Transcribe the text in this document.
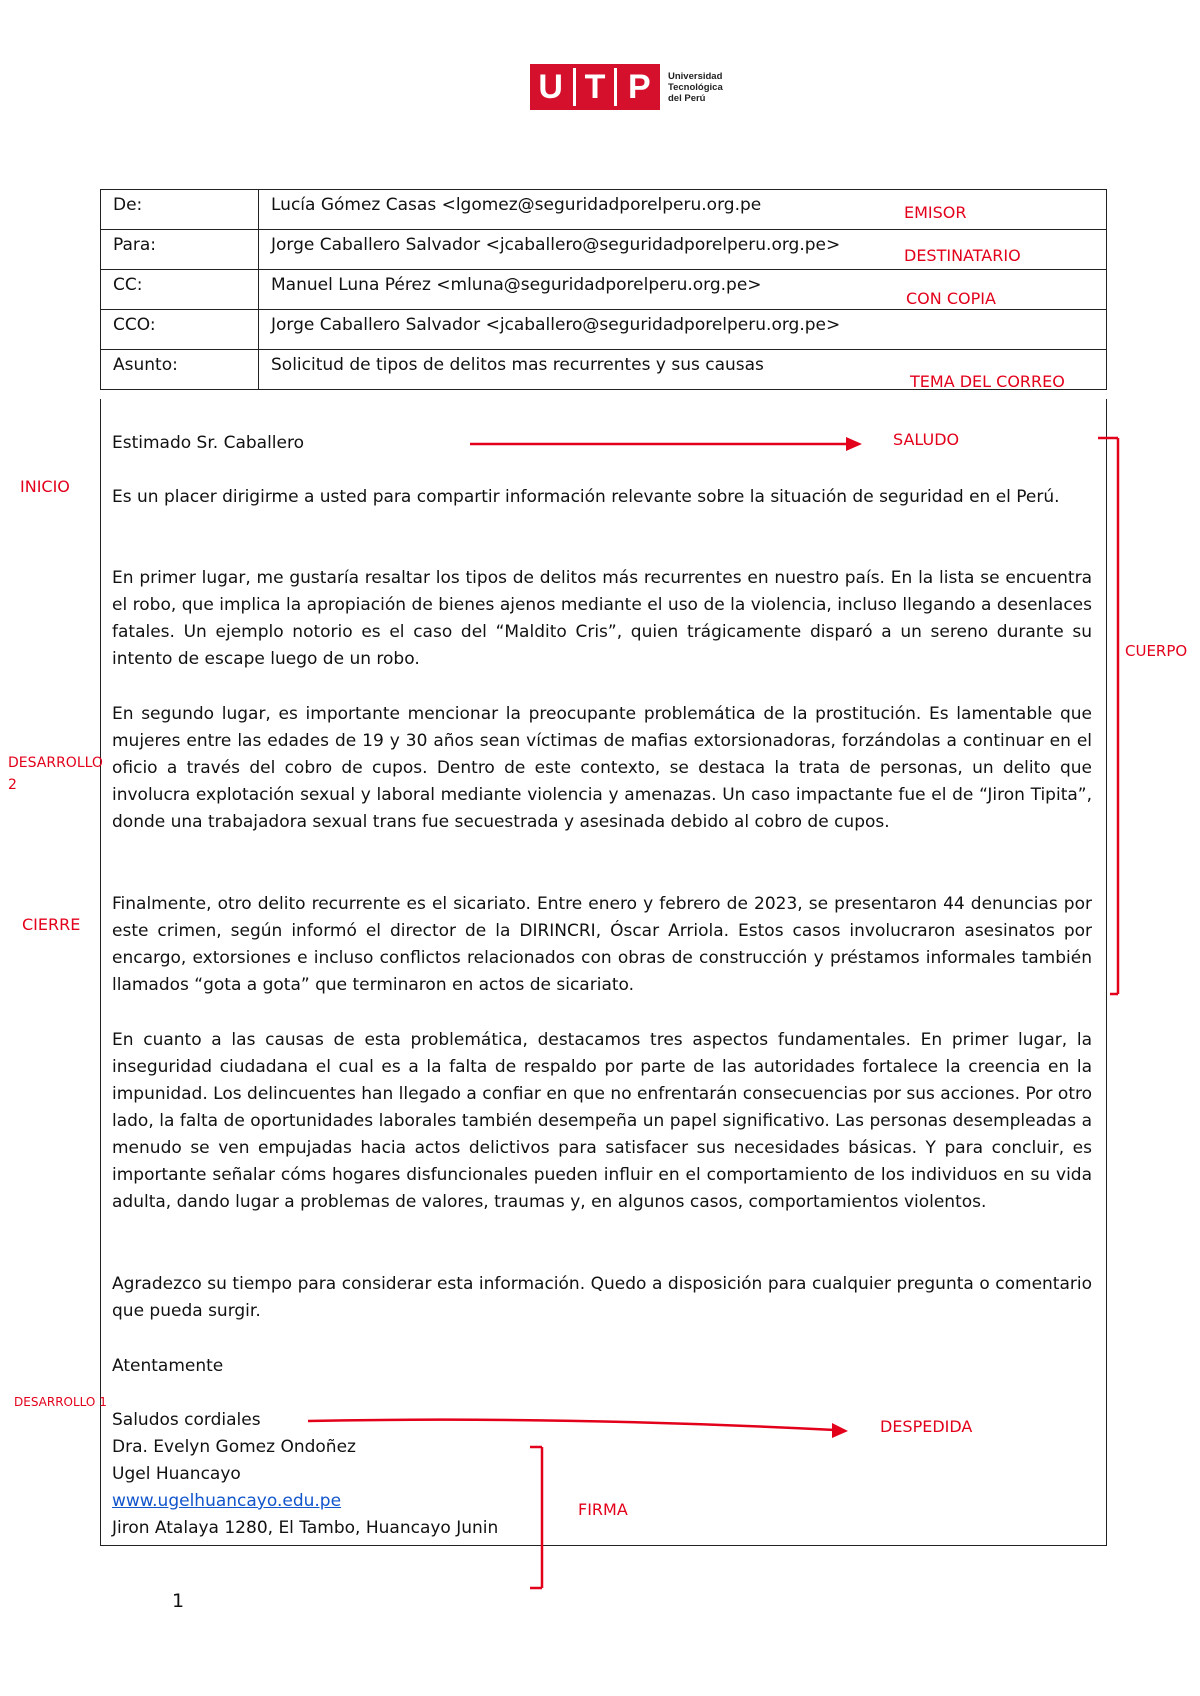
U T P	Universidad
Tecnológica
del Perú
De:	Lucía Gómez Casas <lgomez@seguridadporelperu.org.pe
Para:	Jorge Caballero Salvador <jcaballero@seguridadporelperu.org.pe>
CC:	Manuel Luna Pérez <mluna@seguridadporelperu.org.pe>
CCO:	Jorge Caballero Salvador <jcaballero@seguridadporelperu.org.pe>
Asunto:	Solicitud de tipos de delitos mas recurrentes y sus causas
Estimado Sr. Caballero
Es un placer dirigirme a usted para compartir información relevante sobre la situación de seguridad en el Perú.
En primer lugar, me gustaría resaltar los tipos de delitos más recurrentes en nuestro país. En la lista se encuentra el robo, que implica la apropiación de bienes ajenos mediante el uso de la violencia, incluso llegando a desenlaces fatales. Un ejemplo notorio es el caso del “Maldito Cris”, quien trágicamente disparó a un sereno durante su intento de escape luego de un robo.
En segundo lugar, es importante mencionar la preocupante problemática de la prostitución. Es lamentable que mujeres entre las edades de 19 y 30 años sean víctimas de mafias extorsionadoras, forzándolas a continuar en el oficio a través del cobro de cupos. Dentro de este contexto, se destaca la trata de personas, un delito que involucra explotación sexual y laboral mediante violencia y amenazas. Un caso impactante fue el de “Jiron Tipita”, donde una trabajadora sexual trans fue secuestrada y asesinada debido al cobro de cupos.
Finalmente, otro delito recurrente es el sicariato. Entre enero y febrero de 2023, se presentaron 44 denuncias por este crimen, según informó el director de la DIRINCRI, Óscar Arriola. Estos casos involucraron asesinatos por encargo, extorsiones e incluso conflictos relacionados con obras de construcción y préstamos informales también llamados “gota a gota” que terminaron en actos de sicariato.
En cuanto a las causas de esta problemática, destacamos tres aspectos fundamentales. En primer lugar, la inseguridad ciudadana el cual es a la falta de respaldo por parte de las autoridades fortalece la creencia en la impunidad. Los delincuentes han llegado a confiar en que no enfrentarán consecuencias por sus acciones. Por otro lado, la falta de oportunidades laborales también desempeña un papel significativo. Las personas desempleadas a menudo se ven empujadas hacia actos delictivos para satisfacer sus necesidades básicas. Y para concluir, es importante señalar cóms hogares disfuncionales pueden influir en el comportamiento de los individuos en su vida adulta, dando lugar a problemas de valores, traumas y, en algunos casos, comportamientos violentos.
Agradezco su tiempo para considerar esta información. Quedo a disposición para cualquier pregunta o comentario que pueda surgir.
Atentamente
Saludos cordiales
Dra. Evelyn Gomez Ondoñez
Ugel Huancayo
www.ugelhuancayo.edu.pe
Jiron Atalaya 1280, El Tambo, Huancayo Junin
EMISOR
DESTINATARIO
CON COPIA
TEMA DEL CORREO
SALUDO
INICIO
CUERPO
DESARROLLO 2
CIERRE
DESARROLLO 1
DESPEDIDA
FIRMA
1
